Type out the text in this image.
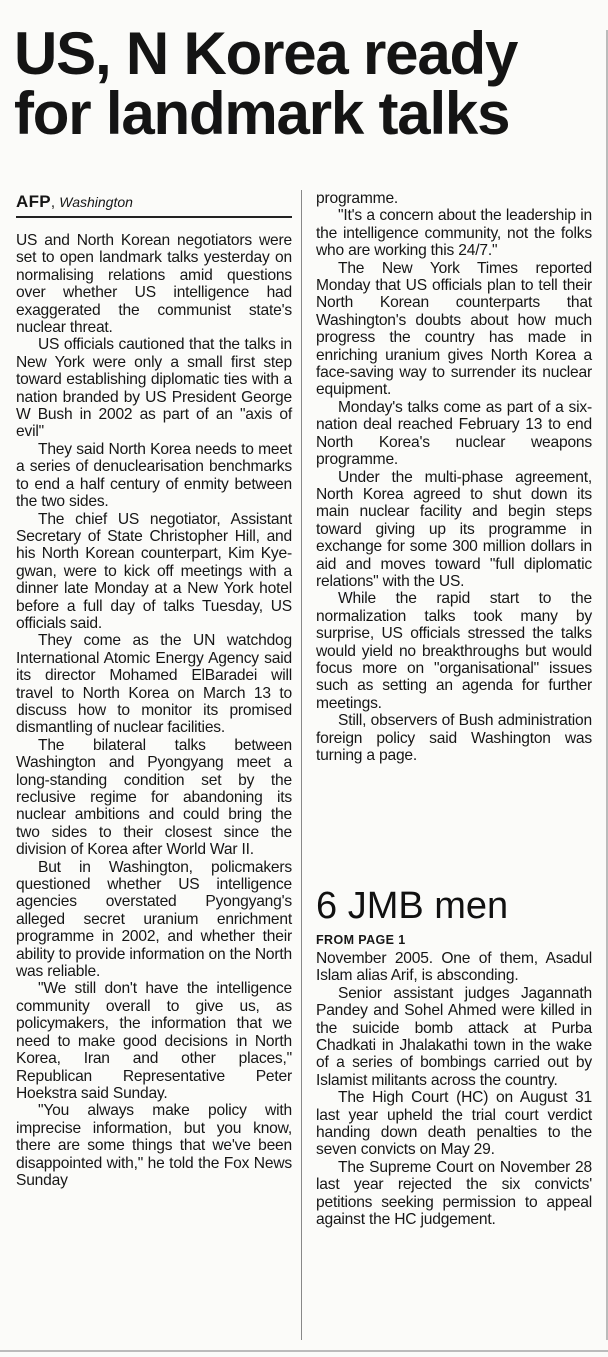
US, N Korea ready for landmark talks
AFP, Washington

US and North Korean negotiators were set to open landmark talks yesterday on normalising relations amid questions over whether US intelligence had exaggerated the communist state's nuclear threat.

US officials cautioned that the talks in New York were only a small first step toward establishing diplomatic ties with a nation branded by US President George W Bush in 2002 as part of an "axis of evil"

They said North Korea needs to meet a series of denuclearisation benchmarks to end a half century of enmity between the two sides.

The chief US negotiator, Assistant Secretary of State Christopher Hill, and his North Korean counterpart, Kim Kye-gwan, were to kick off meetings with a dinner late Monday at a New York hotel before a full day of talks Tuesday, US officials said.

They come as the UN watchdog International Atomic Energy Agency said its director Mohamed ElBaradei will travel to North Korea on March 13 to discuss how to monitor its promised dismantling of nuclear facilities.

The bilateral talks between Washington and Pyongyang meet a long-standing condition set by the reclusive regime for abandoning its nuclear ambitions and could bring the two sides to their closest since the division of Korea after World War II.

But in Washington, policmakers questioned whether US intelligence agencies overstated Pyongyang's alleged secret uranium enrichment programme in 2002, and whether their ability to provide information on the North was reliable.

"We still don't have the intelligence community overall to give us, as policymakers, the information that we need to make good decisions in North Korea, Iran and other places," Republican Representative Peter Hoekstra said Sunday.

"You always make policy with imprecise information, but you know, there are some things that we've been disappointed with," he told the Fox News Sunday

programme.

"It's a concern about the leadership in the intelligence community, not the folks who are working this 24/7."

The New York Times reported Monday that US officials plan to tell their North Korean counterparts that Washington's doubts about how much progress the country has made in enriching uranium gives North Korea a face-saving way to surrender its nuclear equipment.

Monday's talks come as part of a six-nation deal reached February 13 to end North Korea's nuclear weapons programme.

Under the multi-phase agreement, North Korea agreed to shut down its main nuclear facility and begin steps toward giving up its programme in exchange for some 300 million dollars in aid and moves toward "full diplomatic relations" with the US.

While the rapid start to the normalization talks took many by surprise, US officials stressed the talks would yield no breakthroughs but would focus more on "organisational" issues such as setting an agenda for further meetings.

Still, observers of Bush administration foreign policy said Washington was turning a page.

6 JMB men
FROM PAGE 1

November 2005. One of them, Asadul Islam alias Arif, is absconding.

Senior assistant judges Jagannath Pandey and Sohel Ahmed were killed in the suicide bomb attack at Purba Chadkati in Jhalakathi town in the wake of a series of bombings carried out by Islamist militants across the country.

The High Court (HC) on August 31 last year upheld the trial court verdict handing down death penalties to the seven convicts on May 29.

The Supreme Court on November 28 last year rejected the six convicts' petitions seeking permission to appeal against the HC judgement.
